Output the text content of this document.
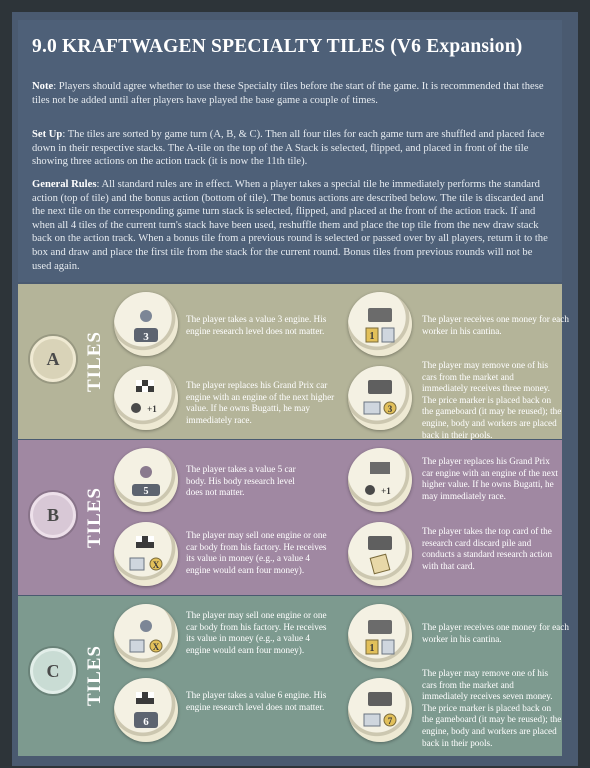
9.0 KRAFTWAGEN SPECIALTY TILES (V6 Expansion)

Note: Players should agree whether to use these Specialty tiles before the start of the game. It is recommended that these tiles not be added until after players have played the base game a couple of times.

Set Up: The tiles are sorted by game turn (A, B, & C). Then all four tiles for each game turn are shuffled and placed face down in their respective stacks. The A-tile on the top of the A Stack is selected, flipped, and placed in front of the tile showing three actions on the action track (it is now the 11th tile).

General Rules: All standard rules are in effect. When a player takes a special tile he immediately performs the standard action (top of tile) and the bonus action (bottom of tile). The bonus actions are described below. The tile is discarded and the next tile on the corresponding game turn stack is selected, flipped, and placed at the front of the action track. If and when all 4 tiles of the current turn's stack have been used, reshuffle them and place the top tile from the new draw stack back on the action track. When a bonus tile from a previous round is selected or passed over by all players, return it to the box and draw and place the first tile from the stack for the current round. Bonus tiles from previous rounds will not be used again.

A	TILES	3

The player takes a value 3 engine. His engine research level does not matter.

1

The player receives one money for each worker in his cantina.

+1

The player replaces his Grand Prix car engine with an engine of the next higher value. If he owns Bugatti, he may immediately race.

3

The player may remove one of his cars from the market and immediately receives three money. The price marker is placed back on the gameboard (it may be reused); the engine, body and workers are placed back in their pools.

B	TILES	5

The player takes a value 5 car body. His body research level does not matter.	+1

The player replaces his Grand Prix car engine with an engine of the next higher value. If he owns Bugatti, he may immediately race.

X

The player may sell one engine or one car body from his factory. He receives its value in money (e.g., a value 4 engine would earn four money).

The player takes the top card of the research card discard pile and conducts a standard research action with that card.

C	TILES	X

The player may sell one engine or one car body from his factory. He receives its value in money (e.g., a value 4 engine would earn four money).	1

The player receives one money for each worker in his cantina.

6

The player takes a value 6 engine. His engine research level does not matter.

7

The player may remove one of his cars from the market and immediately receives seven money. The price marker is placed back on the gameboard (it may be reused); the engine, body and workers are placed back in their pools.
